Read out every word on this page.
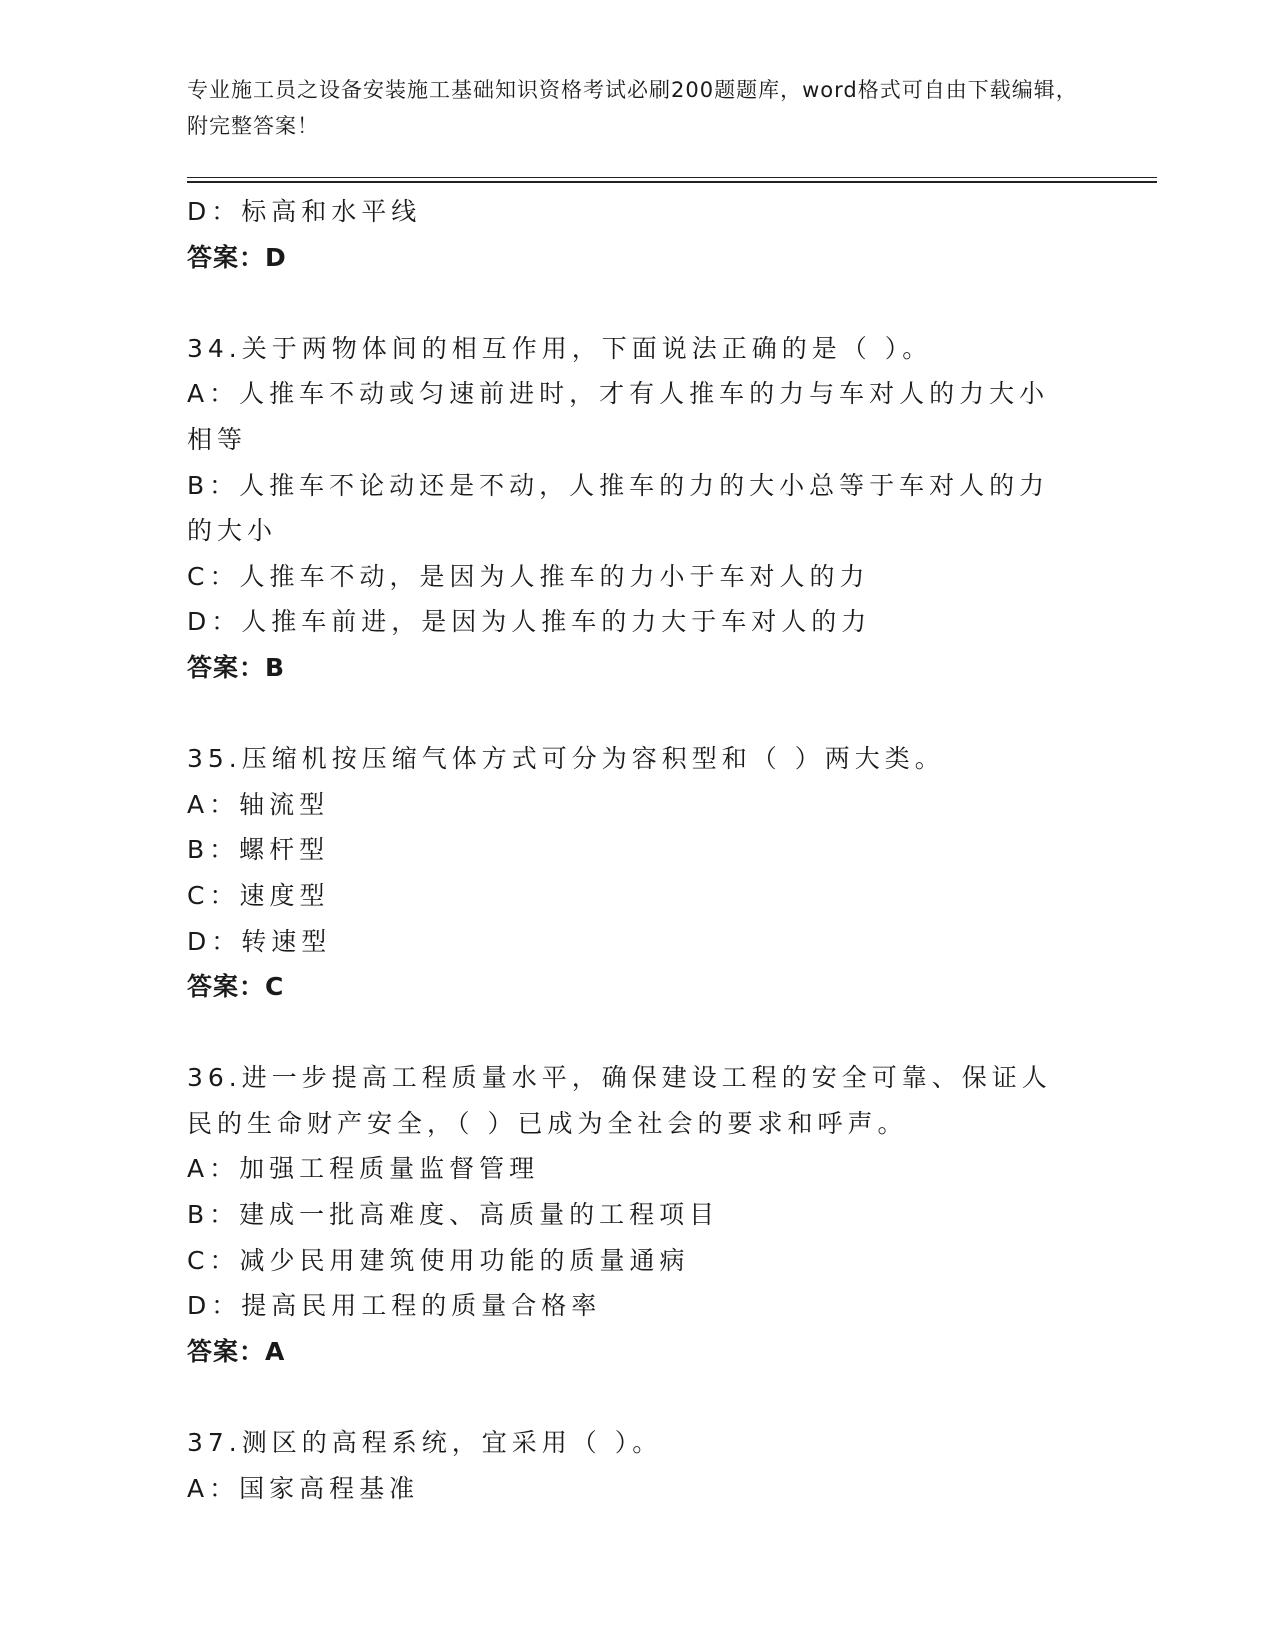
专业施工员之设备安装施工基础知识资格考试必刷200题题库，word格式可自由下载编辑，附完整答案！
D：标高和水平线
答案：D
34.关于两物体间的相互作用，下面说法正确的是（ ）。
A：人推车不动或匀速前进时，才有人推车的力与车对人的力大小相等
B：人推车不论动还是不动，人推车的力的大小总等于车对人的力的大小
C：人推车不动，是因为人推车的力小于车对人的力
D：人推车前进，是因为人推车的力大于车对人的力
答案：B
35.压缩机按压缩气体方式可分为容积型和（ ）两大类。
A：轴流型
B：螺杆型
C：速度型
D：转速型
答案：C
36.进一步提高工程质量水平，确保建设工程的安全可靠、保证人民的生命财产安全，（ ）已成为全社会的要求和呼声。
A：加强工程质量监督管理
B：建成一批高难度、高质量的工程项目
C：减少民用建筑使用功能的质量通病
D：提高民用工程的质量合格率
答案：A
37.测区的高程系统，宜采用（ ）。
A：国家高程基准
